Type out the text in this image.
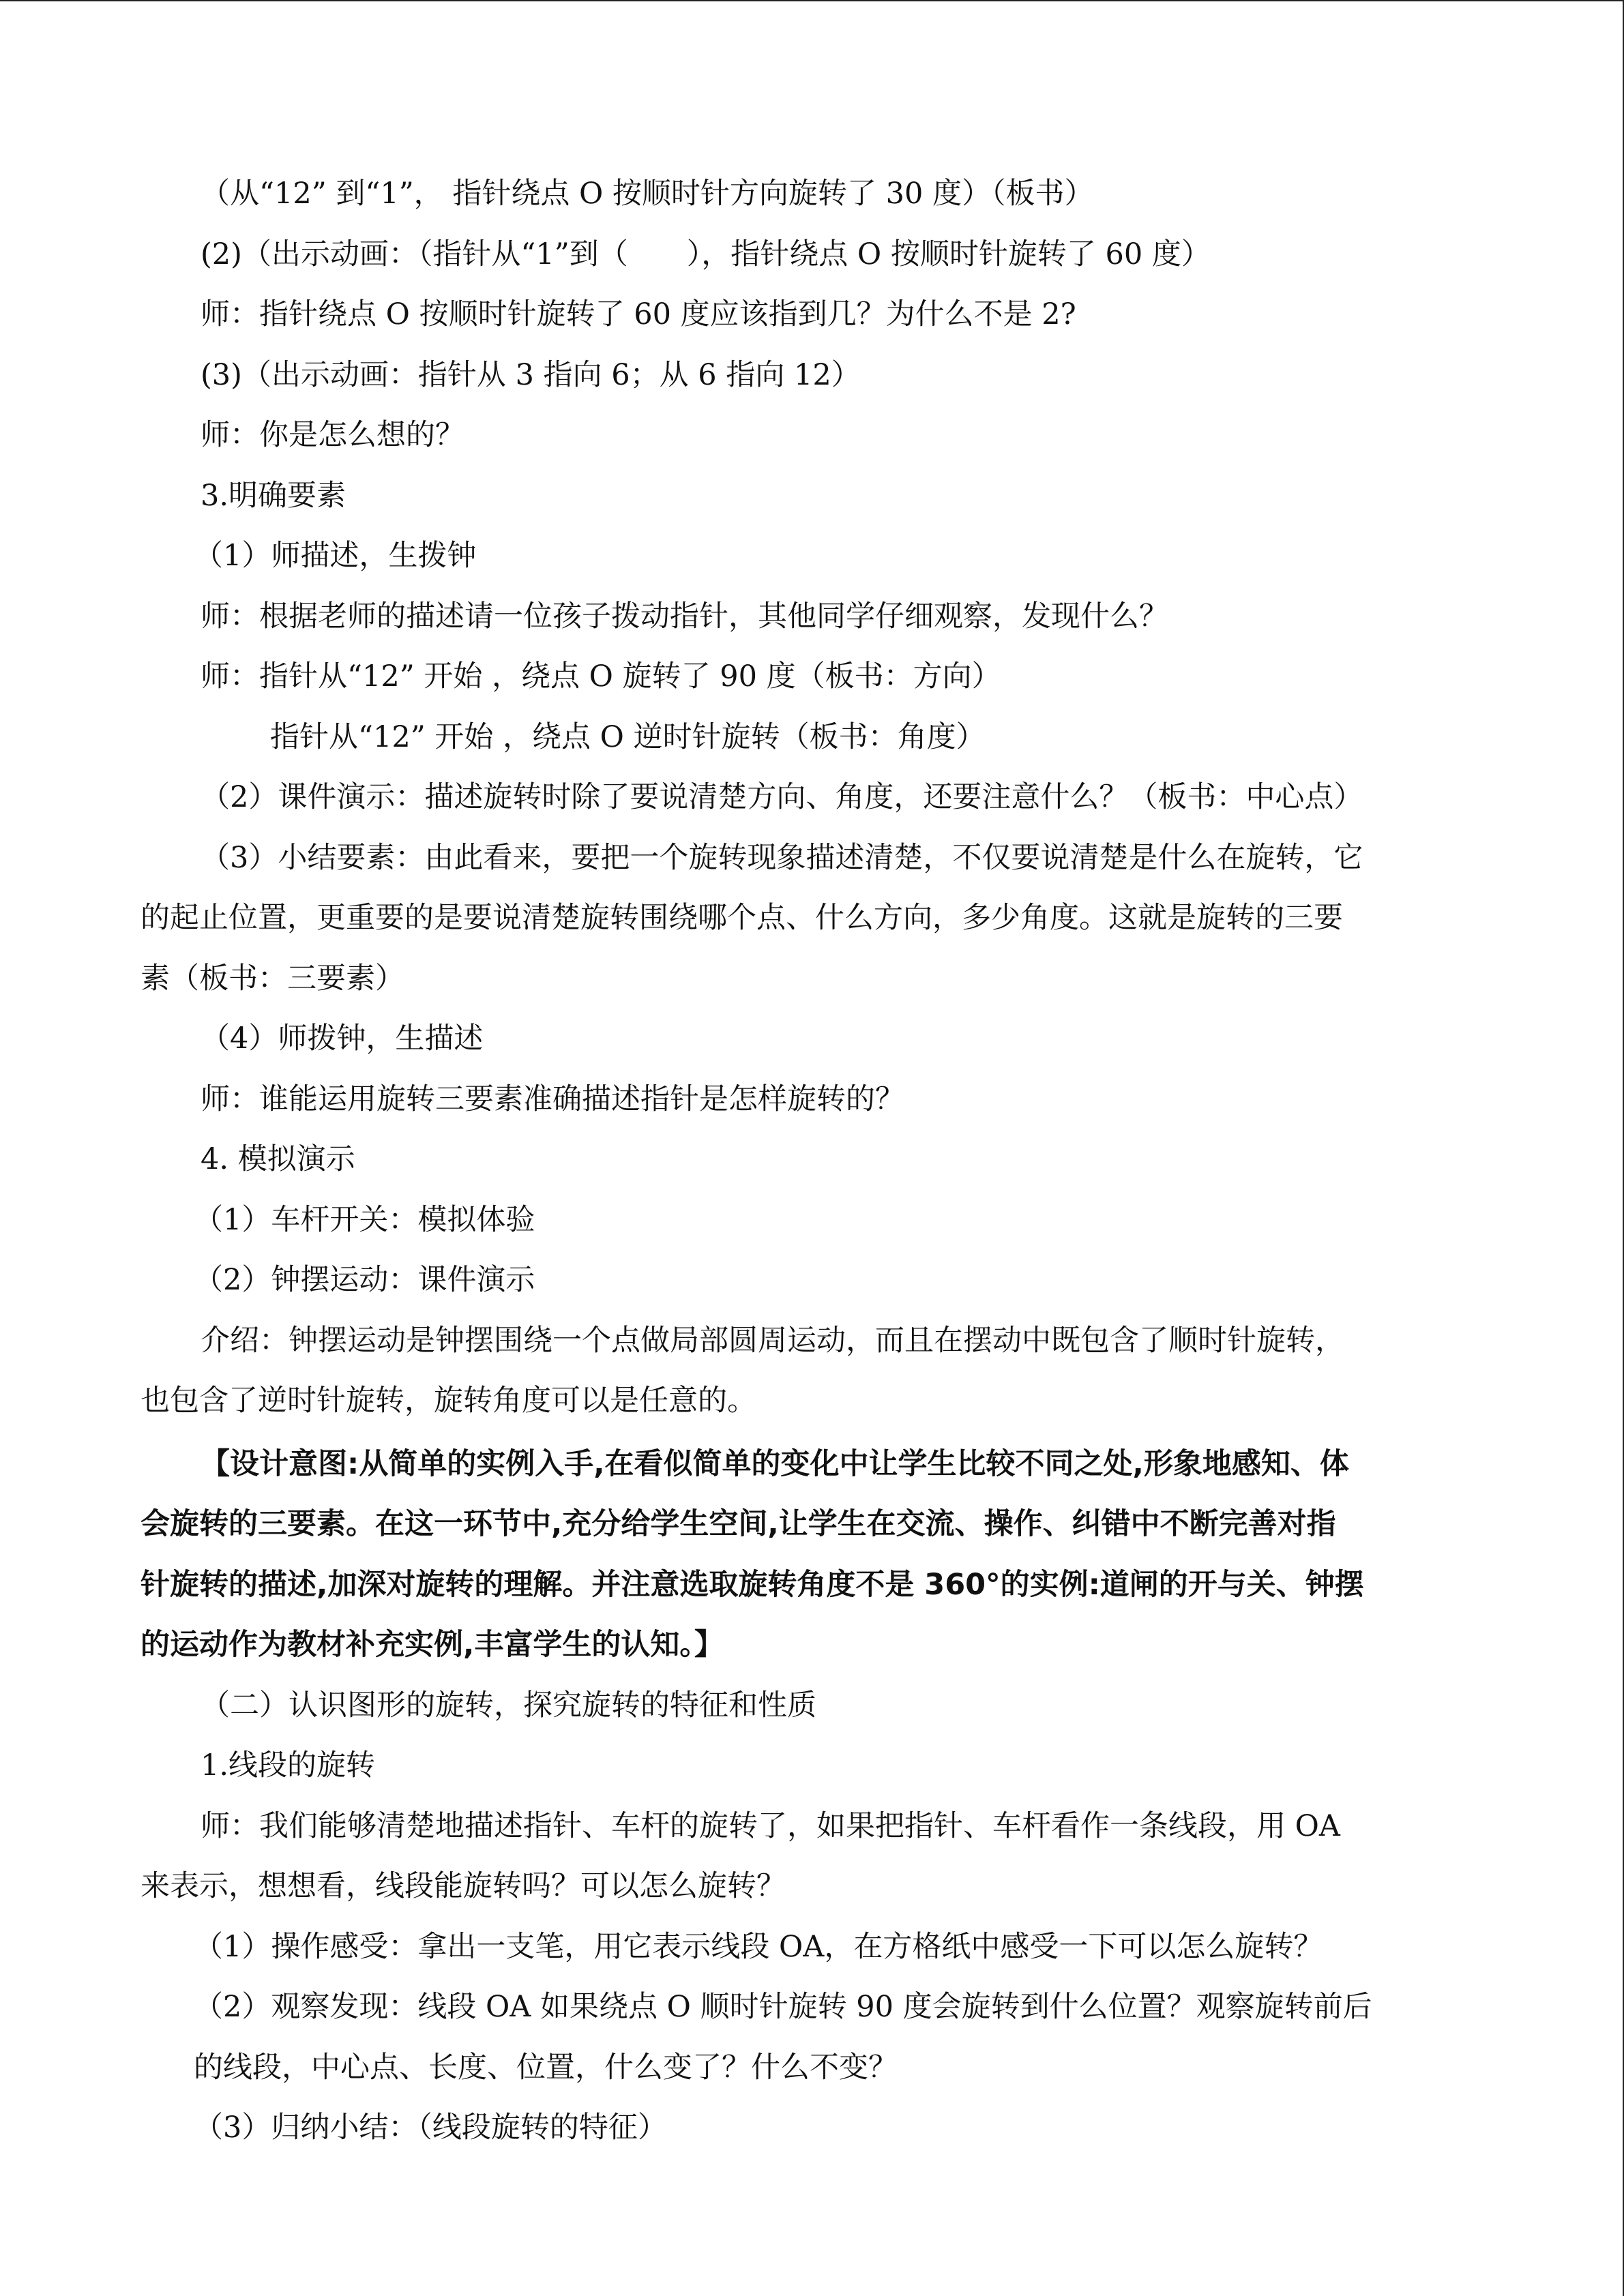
（从“12” 到“1”， 指针绕点 O 按顺时针方向旋转了 30 度）（板书）

(2)（出示动画：（指针从“1”到（　　），指针绕点 O 按顺时针旋转了 60 度）

师：指针绕点 O 按顺时针旋转了 60 度应该指到几？为什么不是 2?

(3)（出示动画：指针从 3 指向 6；从 6 指向 12）

师：你是怎么想的？

3.明确要素

（1）师描述，生拨钟

师：根据老师的描述请一位孩子拨动指针，其他同学仔细观察，发现什么？

师：指针从“12” 开始 ，绕点 O 旋转了 90 度（板书：方向）

指针从“12” 开始 ，绕点 O 逆时针旋转（板书：角度）

（2）课件演示：描述旋转时除了要说清楚方向、角度，还要注意什么？（板书：中心点）

（3）小结要素：由此看来，要把一个旋转现象描述清楚，不仅要说清楚是什么在旋转，它

的起止位置，更重要的是要说清楚旋转围绕哪个点、什么方向，多少角度。这就是旋转的三要

素（板书：三要素）

（4）师拨钟，生描述

师：谁能运用旋转三要素准确描述指针是怎样旋转的？

4. 模拟演示

（1）车杆开关：模拟体验

（2）钟摆运动：课件演示

介绍：钟摆运动是钟摆围绕一个点做局部圆周运动，而且在摆动中既包含了顺时针旋转，

也包含了逆时针旋转，旋转角度可以是任意的。

【设计意图:从简单的实例入手,在看似简单的变化中让学生比较不同之处,形象地感知、体

会旋转的三要素。在这一环节中,充分给学生空间,让学生在交流、操作、纠错中不断完善对指

针旋转的描述,加深对旋转的理解。并注意选取旋转角度不是 360°的实例:道闸的开与关、钟摆

的运动作为教材补充实例,丰富学生的认知。】

（二）认识图形的旋转，探究旋转的特征和性质

1.线段的旋转

师：我们能够清楚地描述指针、车杆的旋转了，如果把指针、车杆看作一条线段，用 OA

来表示，想想看，线段能旋转吗？可以怎么旋转？

（1）操作感受：拿出一支笔，用它表示线段 OA，在方格纸中感受一下可以怎么旋转？

（2）观察发现：线段 OA 如果绕点 O 顺时针旋转 90 度会旋转到什么位置？观察旋转前后

的线段，中心点、长度、位置，什么变了？什么不变？

（3）归纳小结：（线段旋转的特征）
